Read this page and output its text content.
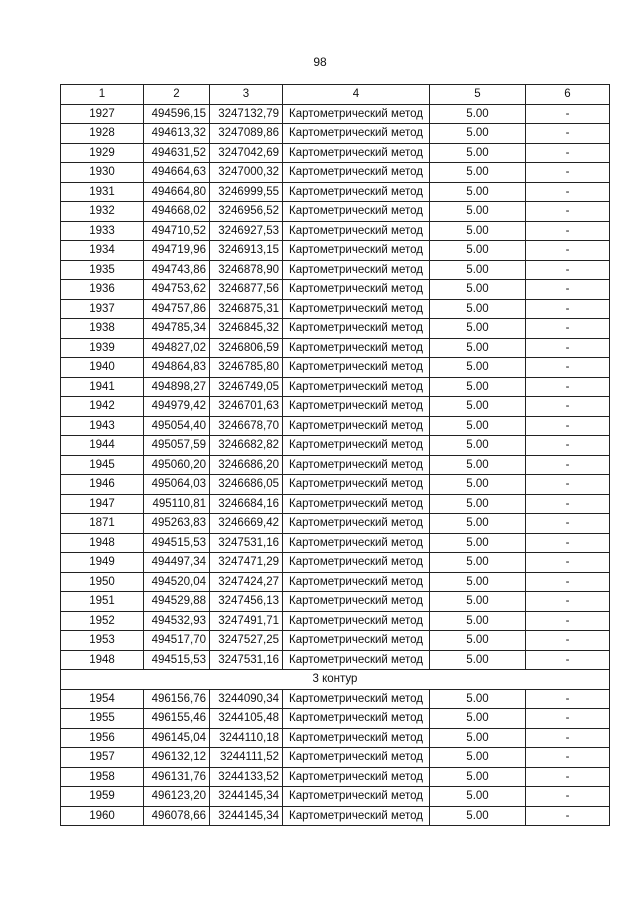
98
1	2	3	4	5	6
1927	494596,15	3247132,79	Картометрический метод	5.00	-
1928	494613,32	3247089,86	Картометрический метод	5.00	-
1929	494631,52	3247042,69	Картометрический метод	5.00	-
1930	494664,63	3247000,32	Картометрический метод	5.00	-
1931	494664,80	3246999,55	Картометрический метод	5.00	-
1932	494668,02	3246956,52	Картометрический метод	5.00	-
1933	494710,52	3246927,53	Картометрический метод	5.00	-
1934	494719,96	3246913,15	Картометрический метод	5.00	-
1935	494743,86	3246878,90	Картометрический метод	5.00	-
1936	494753,62	3246877,56	Картометрический метод	5.00	-
1937	494757,86	3246875,31	Картометрический метод	5.00	-
1938	494785,34	3246845,32	Картометрический метод	5.00	-
1939	494827,02	3246806,59	Картометрический метод	5.00	-
1940	494864,83	3246785,80	Картометрический метод	5.00	-
1941	494898,27	3246749,05	Картометрический метод	5.00	-
1942	494979,42	3246701,63	Картометрический метод	5.00	-
1943	495054,40	3246678,70	Картометрический метод	5.00	-
1944	495057,59	3246682,82	Картометрический метод	5.00	-
1945	495060,20	3246686,20	Картометрический метод	5.00	-
1946	495064,03	3246686,05	Картометрический метод	5.00	-
1947	495110,81	3246684,16	Картометрический метод	5.00	-
1871	495263,83	3246669,42	Картометрический метод	5.00	-
1948	494515,53	3247531,16	Картометрический метод	5.00	-
1949	494497,34	3247471,29	Картометрический метод	5.00	-
1950	494520,04	3247424,27	Картометрический метод	5.00	-
1951	494529,88	3247456,13	Картометрический метод	5.00	-
1952	494532,93	3247491,71	Картометрический метод	5.00	-
1953	494517,70	3247527,25	Картометрический метод	5.00	-
1948	494515,53	3247531,16	Картометрический метод	5.00	-
3 контур					
1954	496156,76	3244090,34	Картометрический метод	5.00	-
1955	496155,46	3244105,48	Картометрический метод	5.00	-
1956	496145,04	3244110,18	Картометрический метод	5.00	-
1957	496132,12	3244111,52	Картометрический метод	5.00	-
1958	496131,76	3244133,52	Картометрический метод	5.00	-
1959	496123,20	3244145,34	Картометрический метод	5.00	-
1960	496078,66	3244145,34	Картометрический метод	5.00	-
